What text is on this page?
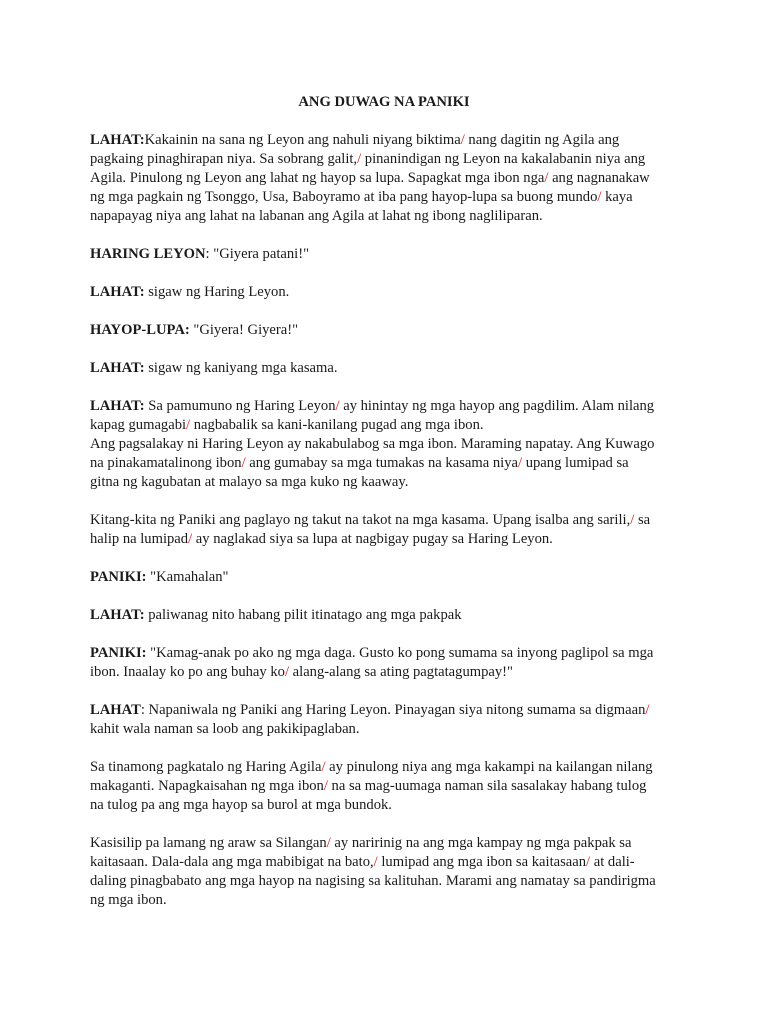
ANG DUWAG NA PANIKI
LAHAT:Kakainin na sana ng Leyon ang nahuli niyang biktima/ nang dagitin ng Agila ang
pagkaing pinaghirapan niya. Sa sobrang galit,/ pinanindigan ng Leyon na kakalabanin niya ang
Agila. Pinulong ng Leyon ang lahat ng hayop sa lupa. Sapagkat mga ibon nga/ ang nagnanakaw
ng mga pagkain ng Tsonggo, Usa, Baboyramo at iba pang hayop-lupa sa buong mundo/ kaya
napapayag niya ang lahat na labanan ang Agila at lahat ng ibong nagliliparan.
HARING LEYON: "Giyera patani!"
LAHAT: sigaw ng Haring Leyon.
HAYOP-LUPA: "Giyera! Giyera!"
LAHAT: sigaw ng kaniyang mga kasama.
LAHAT: Sa pamumuno ng Haring Leyon/ ay hinintay ng mga hayop ang pagdilim. Alam nilang
kapag gumagabi/ nagbabalik sa kani-kanilang pugad ang mga ibon.
Ang pagsalakay ni Haring Leyon ay nakabulabog sa mga ibon. Maraming napatay. Ang Kuwago
na pinakamatalinong ibon/ ang gumabay sa mga tumakas na kasama niya/ upang lumipad sa
gitna ng kagubatan at malayo sa mga kuko ng kaaway.
Kitang-kita ng Paniki ang paglayo ng takut na takot na mga kasama. Upang isalba ang sarili,/ sa
halip na lumipad/ ay naglakad siya sa lupa at nagbigay pugay sa Haring Leyon.
PANIKI: "Kamahalan"
LAHAT: paliwanag nito habang pilit itinatago ang mga pakpak
PANIKI: "Kamag-anak po ako ng mga daga. Gusto ko pong sumama sa inyong paglipol sa mga
ibon. Inaalay ko po ang buhay ko/ alang-alang sa ating pagtatagumpay!"
LAHAT: Napaniwala ng Paniki ang Haring Leyon. Pinayagan siya nitong sumama sa digmaan/
kahit wala naman sa loob ang pakikipaglaban.
Sa tinamong pagkatalo ng Haring Agila/ ay pinulong niya ang mga kakampi na kailangan nilang
makaganti. Napagkaisahan ng mga ibon/ na sa mag-uumaga naman sila sasalakay habang tulog
na tulog pa ang mga hayop sa burol at mga bundok.
Kasisilip pa lamang ng araw sa Silangan/ ay naririnig na ang mga kampay ng mga pakpak sa
kaitasaan. Dala-dala ang mga mabibigat na bato,/ lumipad ang mga ibon sa kaitasaan/ at dali-
daling pinagbabato ang mga hayop na nagising sa kalituhan. Marami ang namatay sa pandirigma
ng mga ibon.
